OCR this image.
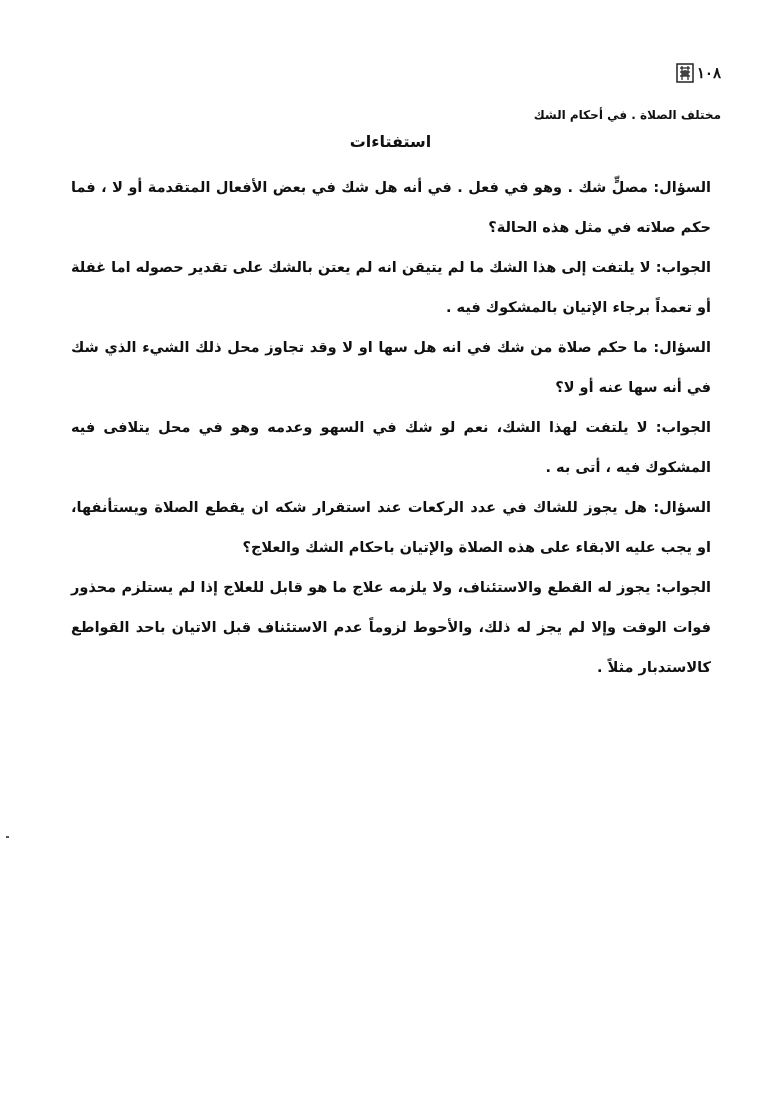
١٠٨
مختلف الصلاة . في أحكام الشك
استفتاءات

السؤال: مصلٍّ شك . وهو في فعل . في أنه هل شك في بعض الأفعال المتقدمة أو لا ، فما حكم صلاته في مثل هذه الحالة؟

الجواب: لا يلتفت إلى هذا الشك ما لم يتيقن انه لم يعتن بالشك على تقدير حصوله اما غفلة أو تعمداً برجاء الإتيان بالمشكوك فيه .

السؤال: ما حكم صلاة من شك في انه هل سها او لا وقد تجاوز محل ذلك الشيء الذي شك في أنه سها عنه أو لا؟

الجواب: لا يلتفت لهذا الشك، نعم لو شك في السهو وعدمه وهو في محل يتلافى فيه المشكوك فيه ، أتى به .

السؤال: هل يجوز للشاك في عدد الركعات عند استقرار شكه ان يقطع الصلاة ويستأنفها، او يجب عليه الابقاء على هذه الصلاة والإتيان باحكام الشك والعلاج؟

الجواب: يجوز له القطع والاستئناف، ولا يلزمه علاج ما هو قابل للعلاج إذا لم يستلزم محذور فوات الوقت وإلا لم يجز له ذلك، والأحوط لزوماً عدم الاستئناف قبل الاتيان باحد القواطع كالاستدبار مثلاً .
